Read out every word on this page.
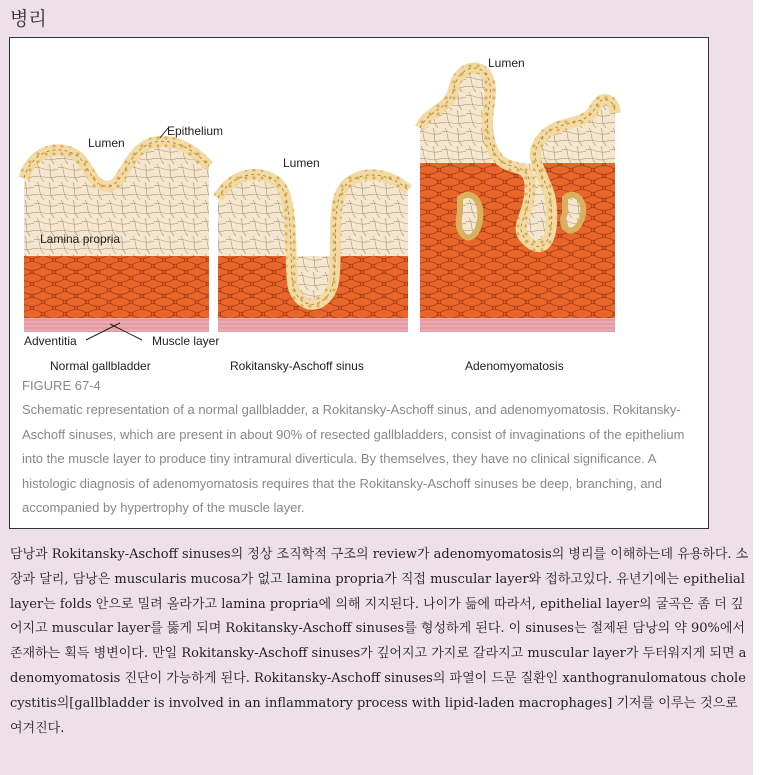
병리
Lumen
Epithelium
Lamina propria
Adventitia	Muscle layer
Lumen
Lumen
Normal gallbladder	Rokitansky-Aschoff sinus	Adenomyomatosis
FIGURE 67-4
Schematic representation of a normal gallbladder, a Rokitansky-Aschoff sinus, and adenomyomatosis. Rokitansky-Aschoff sinuses, which are present in about 90% of resected gallbladders, consist of invaginations of the epithelium into the muscle layer to produce tiny intramural diverticula. By themselves, they have no clinical significance. A histologic diagnosis of adenomyomatosis requires that the Rokitansky-Aschoff sinuses be deep, branching, and accompanied by hypertrophy of the muscle layer.
담낭과 Rokitansky-Aschoff sinuses의 정상 조직학적 구조의 review가 adenomyomatosis의 병리를 이해하는데 유용하다. 소장과 달리, 담낭은 muscularis mucosa가 없고 lamina propria가 직접 muscular layer와 접하고있다. 유년기에는 epithelial layer는 folds 안으로 밀려 올라가고 lamina propria에 의해 지지된다. 나이가 듦에 따라서, epithelial layer의 굴곡은 좀 더 깊어지고 muscular layer를 뚫게 되며 Rokitansky-Aschoff sinuses를 형성하게 된다. 이 sinuses는 절제된 담낭의 약 90%에서 존재하는 획득 병변이다. 만일 Rokitansky-Aschoff sinuses가 깊어지고 가지로 갈라지고 muscular layer가 두터워지게 되면 adenomyomatosis 진단이 가능하게 된다. Rokitansky-Aschoff sinuses의 파열이 드문 질환인 xanthogranulomatous cholecystitis의[gallbladder is involved in an inflammatory process with lipid-laden macrophages] 기저를 이루는 것으로 여겨진다.
